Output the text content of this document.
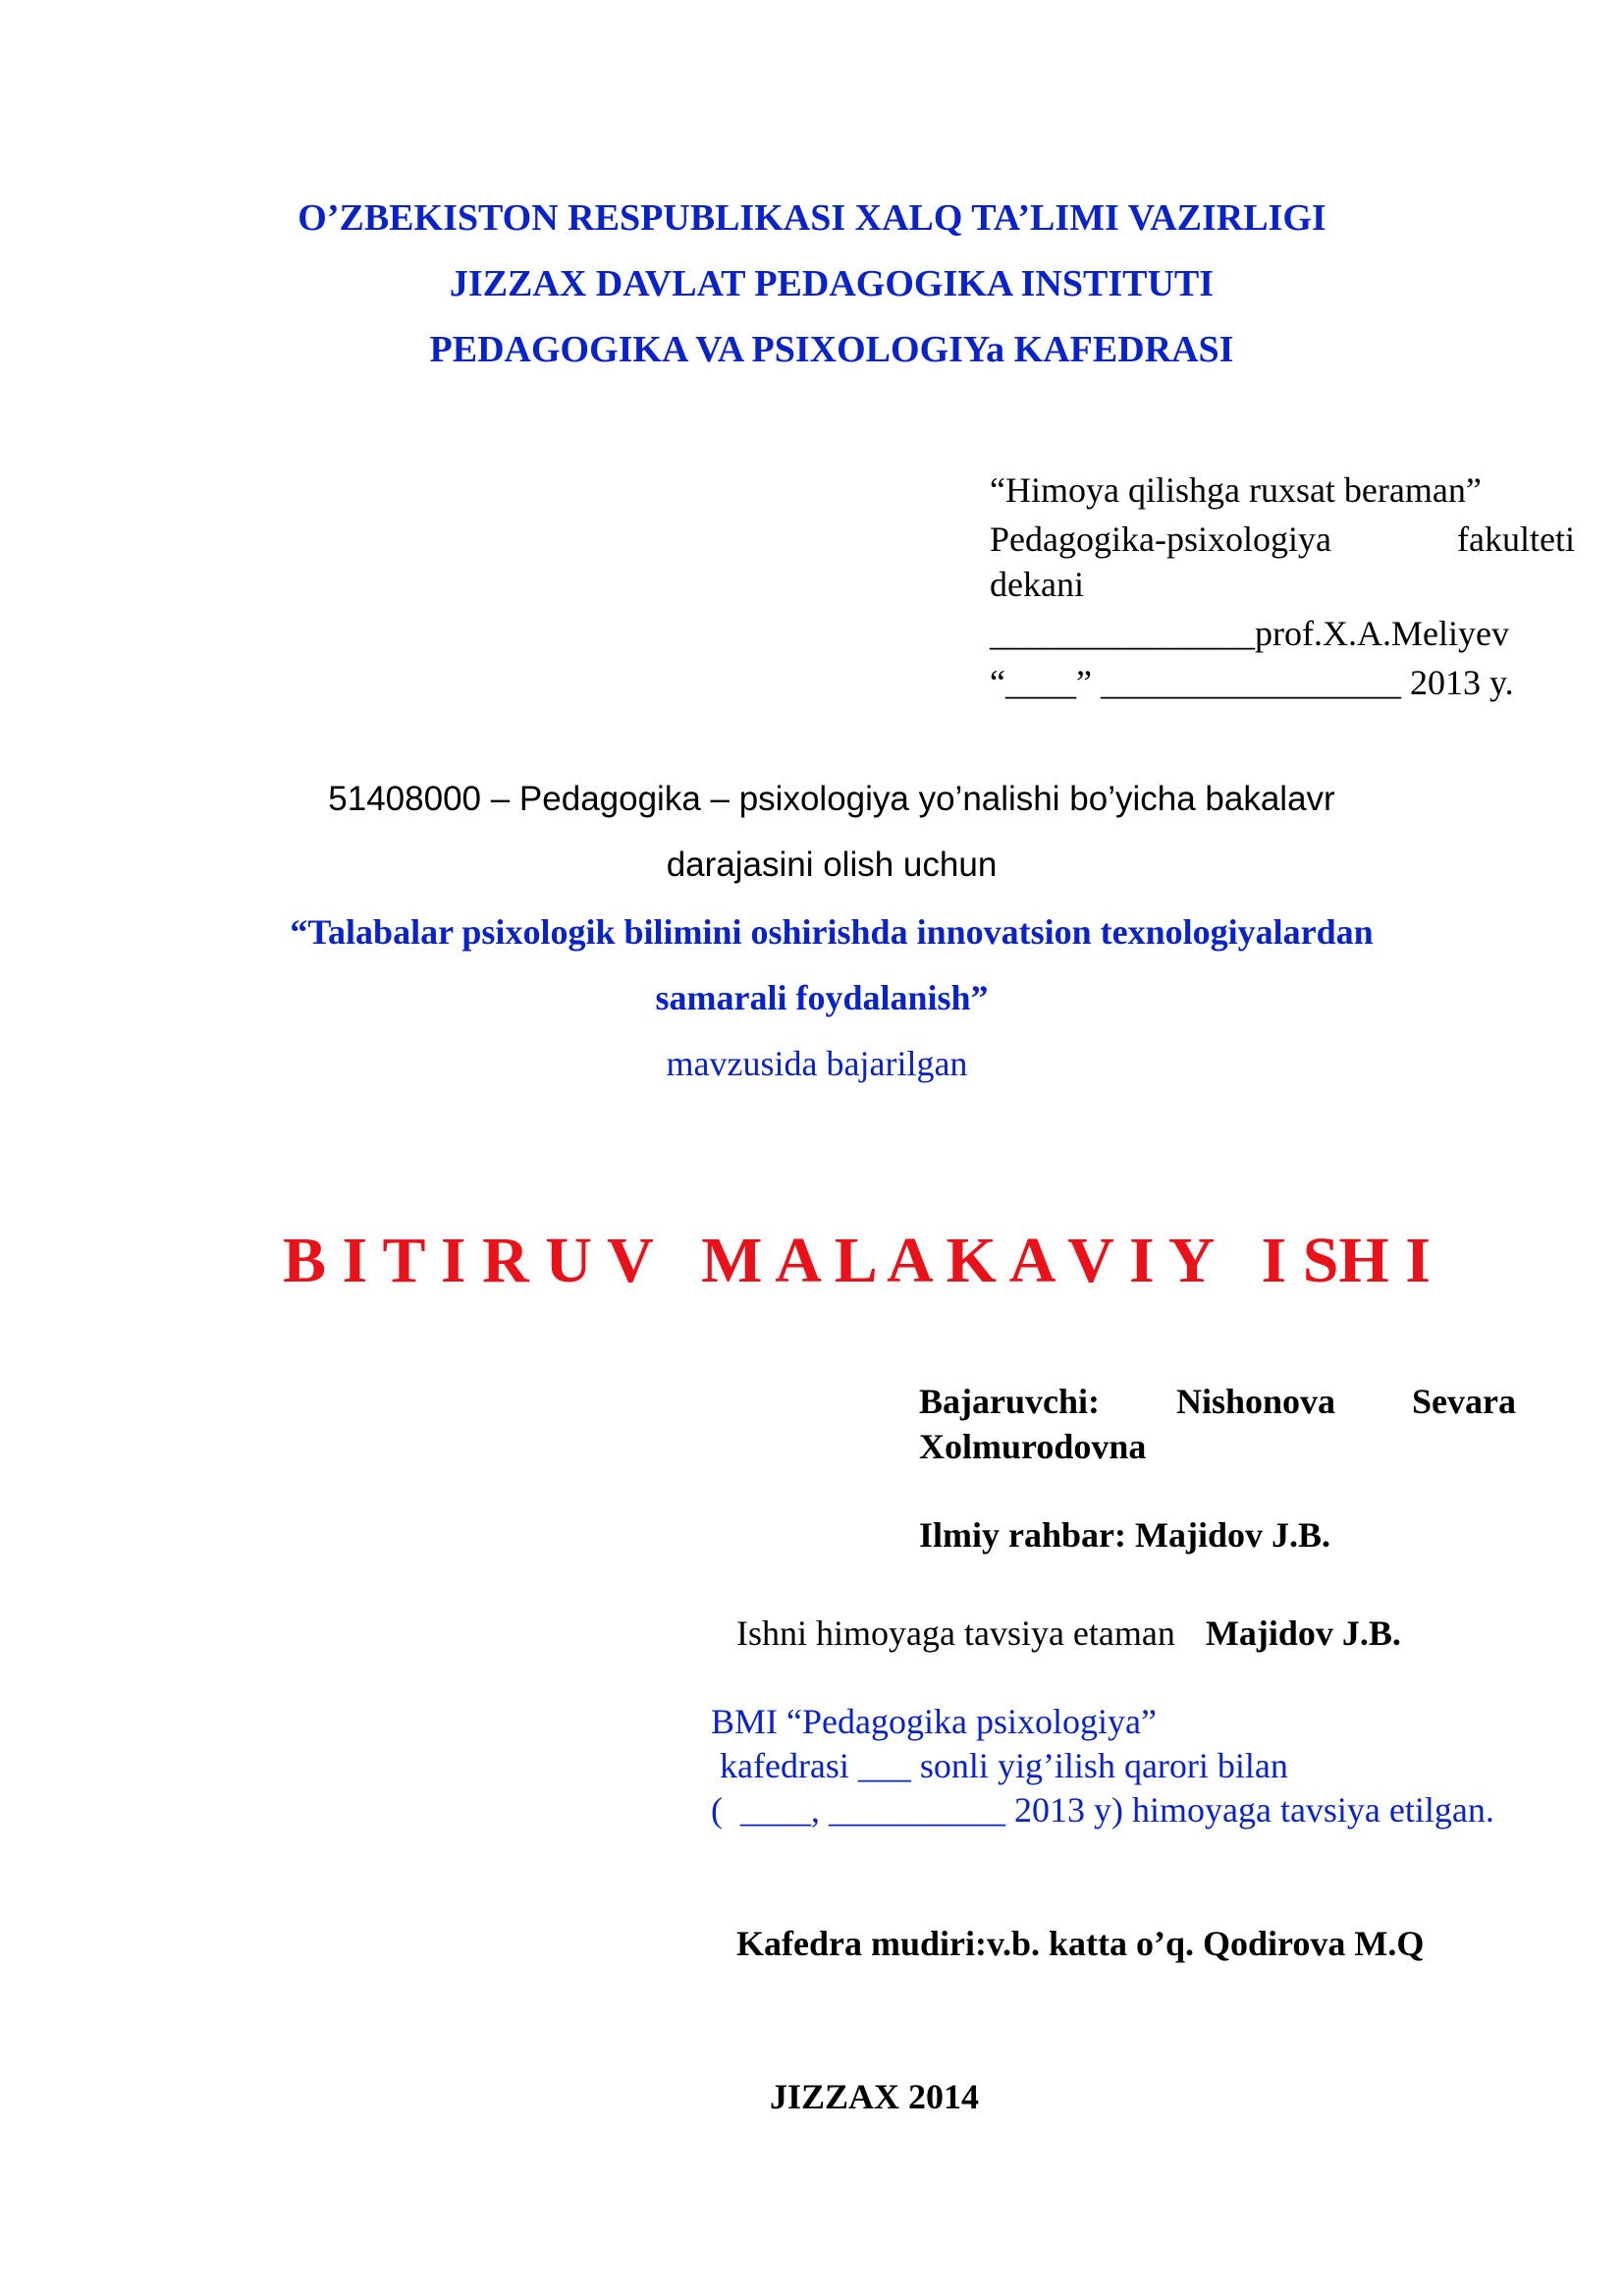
O’ZBEKISTON RESPUBLIKASI XALQ TA’LIMI VAZIRLIGI
JIZZAX DAVLAT PEDAGOGIKA INSTITUTI
PEDAGOGIKA VA PSIXOLOGIYa KAFEDRASI
“Himoya qilishga ruxsat beraman”
Pedagogika-psixologiya	fakulteti
dekani
_______________prof.X.A.Meliyev
“____” _________________ 2013 y.
51408000 – Pedagogika – psixologiya yo’nalishi bo’yicha bakalavr
darajasini olish uchun
“Talabalar psixologik bilimini oshirishda innovatsion texnologiyalardan
samarali foydalanish”
mavzusida bajarilgan
B I T I R U V   M A L A K A V I Y   I SH I
Bajaruvchi: Nishonova Sevara
Xolmurodovna
Ilmiy rahbar: Majidov J.B.
Ishni himoyaga tavsiya etaman Majidov J.B.
BMI “Pedagogika psixologiya”
kafedrasi ___ sonli yig’ilish qarori bilan
(  ____, __________ 2013 y) himoyaga tavsiya etilgan.
Kafedra mudiri:v.b. katta o’q. Qodirova M.Q
JIZZAX 2014
